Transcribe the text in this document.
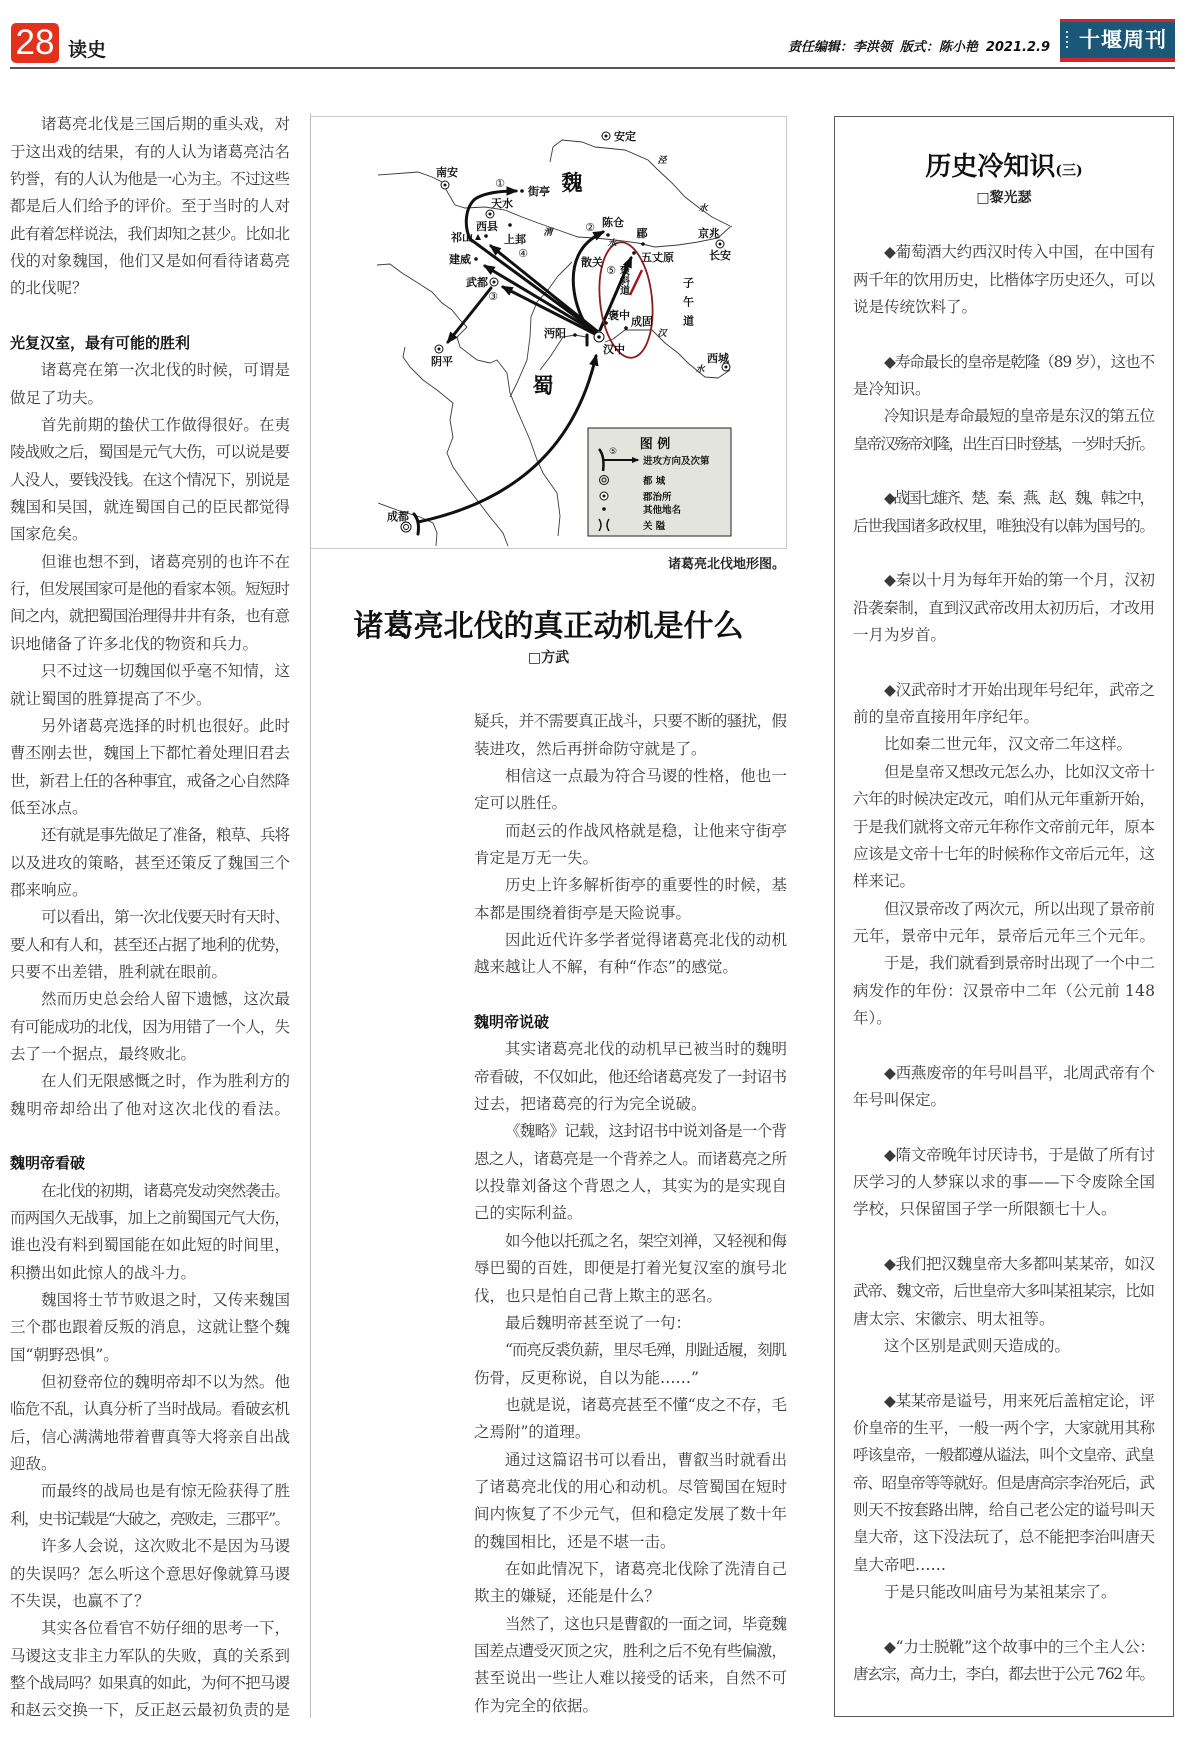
28 读史	责任编辑：李洪领 版式：陈小艳 2021.2.9 十堰周刊
安定
南安
街亭
天水
西县
祁山	上邽
陈仓
郿	京兆
长安
五丈原
散关
建威
武都
褒中 成固
沔阳
汉中
西城
阴平
成都
泾
水
渭
水
汉
水
魏
蜀
①
②
③
④
⑤ 褒斜道	子午道
图 例
⑤
进攻方向及次第
都 城
郡治所
其他地名
关 隘
诸葛亮北伐地形图。
诸葛亮北伐的真正动机是什么
□方武
历史冷知识(三)
□黎光瑟
诸葛亮北伐是三国后期的重头戏，对
于这出戏的结果，有的人认为诸葛亮沽名
钓誉，有的人认为他是一心为主。不过这些
都是后人们给予的评价。至于当时的人对
此有着怎样说法，我们却知之甚少。比如北
伐的对象魏国，他们又是如何看待诸葛亮
的北伐呢？
光复汉室，最有可能的胜利
诸葛亮在第一次北伐的时候，可谓是
做足了功夫。
首先前期的蛰伏工作做得很好。在夷
陵战败之后，蜀国是元气大伤，可以说是要
人没人，要钱没钱。在这个情况下，别说是
魏国和吴国，就连蜀国自己的臣民都觉得
国家危矣。
但谁也想不到，诸葛亮别的也许不在
行，但发展国家可是他的看家本领。短短时
间之内，就把蜀国治理得井井有条，也有意
识地储备了许多北伐的物资和兵力。
只不过这一切魏国似乎毫不知情，这
就让蜀国的胜算提高了不少。
另外诸葛亮选择的时机也很好。此时
曹丕刚去世，魏国上下都忙着处理旧君去
世，新君上任的各种事宜，戒备之心自然降
低至冰点。
还有就是事先做足了准备，粮草、兵将
以及进攻的策略，甚至还策反了魏国三个
郡来响应。
可以看出，第一次北伐要天时有天时、
要人和有人和，甚至还占据了地利的优势，
只要不出差错，胜利就在眼前。
然而历史总会给人留下遗憾，这次最
有可能成功的北伐，因为用错了一个人，失
去了一个据点，最终败北。
在人们无限感慨之时，作为胜利方的
魏明帝却给出了他对这次北伐的看法。
魏明帝看破
在北伐的初期，诸葛亮发动突然袭击。
而两国久无战事，加上之前蜀国元气大伤，
谁也没有料到蜀国能在如此短的时间里，
积攒出如此惊人的战斗力。
魏国将士节节败退之时，又传来魏国
三个郡也跟着反叛的消息，这就让整个魏
国“朝野恐惧”。
但初登帝位的魏明帝却不以为然。他
临危不乱，认真分析了当时战局。看破玄机
后，信心满满地带着曹真等大将亲自出战
迎敌。
而最终的战局也是有惊无险获得了胜
利，史书记载是“大破之，亮败走，三郡平”。
许多人会说，这次败北不是因为马谡
的失误吗？怎么听这个意思好像就算马谡
不失误，也赢不了？
其实各位看官不妨仔细的思考一下，
马谡这支非主力军队的失败，真的关系到
整个战局吗？如果真的如此，为何不把马谡
和赵云交换一下，反正赵云最初负责的是
疑兵，并不需要真正战斗，只要不断的骚扰，假
装进攻，然后再拼命防守就是了。
相信这一点最为符合马谡的性格，他也一
定可以胜任。
而赵云的作战风格就是稳，让他来守街亭
肯定是万无一失。
历史上许多解析街亭的重要性的时候，基
本都是围绕着街亭是天险说事。
因此近代许多学者觉得诸葛亮北伐的动机
越来越让人不解，有种“作态”的感觉。
魏明帝说破
其实诸葛亮北伐的动机早已被当时的魏明
帝看破，不仅如此，他还给诸葛亮发了一封诏书
过去，把诸葛亮的行为完全说破。
《魏略》记载，这封诏书中说刘备是一个背
恩之人，诸葛亮是一个背养之人。而诸葛亮之所
以投靠刘备这个背恩之人，其实为的是实现自
己的实际利益。
如今他以托孤之名，架空刘禅，又轻视和侮
辱巴蜀的百姓，即便是打着光复汉室的旗号北
伐，也只是怕自己背上欺主的恶名。
最后魏明帝甚至说了一句：
“而亮反裘负薪，里尽毛殚，刖趾适履，刻肌
伤骨，反更称说，自以为能……”
也就是说，诸葛亮甚至不懂“皮之不存，毛
之焉附”的道理。
通过这篇诏书可以看出，曹叡当时就看出
了诸葛亮北伐的用心和动机。尽管蜀国在短时
间内恢复了不少元气，但和稳定发展了数十年
的魏国相比，还是不堪一击。
在如此情况下，诸葛亮北伐除了洗清自己
欺主的嫌疑，还能是什么？
当然了，这也只是曹叡的一面之词，毕竟魏
国差点遭受灭顶之灾，胜利之后不免有些偏激，
甚至说出一些让人难以接受的话来，自然不可
作为完全的依据。
◆葡萄酒大约西汉时传入中国，在中国有
两千年的饮用历史，比楷体字历史还久，可以
说是传统饮料了。
◆寿命最长的皇帝是乾隆（89 岁），这也不
是冷知识。
冷知识是寿命最短的皇帝是东汉的第五位
皇帝汉殇帝刘隆，出生百日时登基，一岁时夭折。
◆战国七雄齐、楚、秦、燕、赵、魏、韩之中，
后世我国诸多政权里，唯独没有以韩为国号的。
◆秦以十月为每年开始的第一个月，汉初
沿袭秦制，直到汉武帝改用太初历后，才改用
一月为岁首。
◆汉武帝时才开始出现年号纪年，武帝之
前的皇帝直接用年序纪年。
比如秦二世元年，汉文帝二年这样。
但是皇帝又想改元怎么办，比如汉文帝十
六年的时候决定改元，咱们从元年重新开始，
于是我们就将文帝元年称作文帝前元年，原本
应该是文帝十七年的时候称作文帝后元年，这
样来记。
但汉景帝改了两次元，所以出现了景帝前
元年，景帝中元年，景帝后元年三个元年。
于是，我们就看到景帝时出现了一个中二
病发作的年份：汉景帝中二年（公元前 148
年）。
◆西燕废帝的年号叫昌平，北周武帝有个
年号叫保定。
◆隋文帝晚年讨厌诗书，于是做了所有讨
厌学习的人梦寐以求的事——下令废除全国
学校，只保留国子学一所限额七十人。
◆我们把汉魏皇帝大多都叫某某帝，如汉
武帝、魏文帝，后世皇帝大多叫某祖某宗，比如
唐太宗、宋徽宗、明太祖等。
这个区别是武则天造成的。
◆某某帝是谥号，用来死后盖棺定论，评
价皇帝的生平，一般一两个字，大家就用其称
呼该皇帝，一般都遵从谥法，叫个文皇帝、武皇
帝、昭皇帝等等就好。但是唐高宗李治死后，武
则天不按套路出牌，给自己老公定的谥号叫天
皇大帝，这下没法玩了，总不能把李治叫唐天
皇大帝吧……
于是只能改叫庙号为某祖某宗了。
◆“力士脱靴”这个故事中的三个主人公：
唐玄宗，高力士，李白，都去世于公元 762 年。
